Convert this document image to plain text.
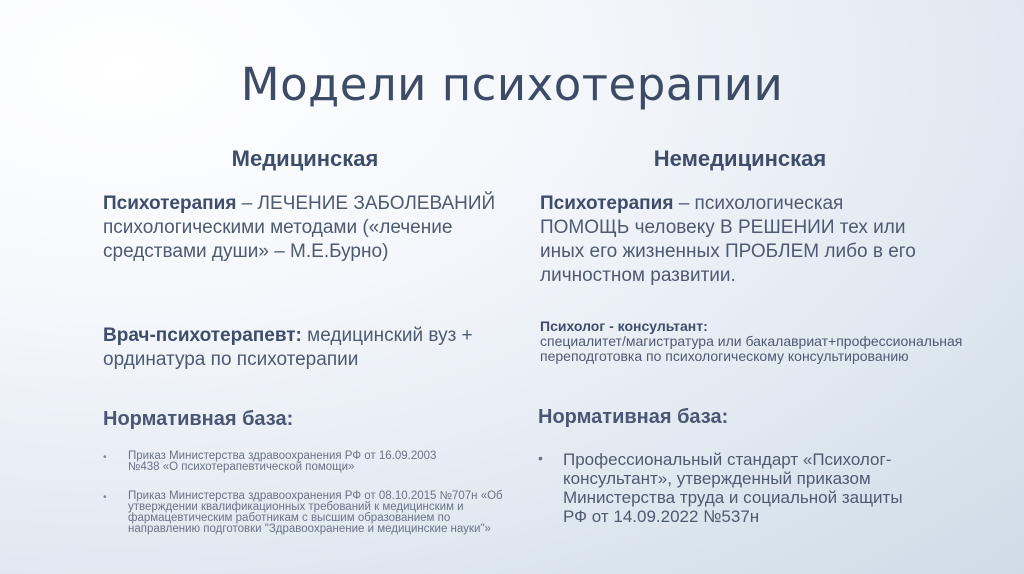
Модели психотерапии
Медицинская
Психотерапия – ЛЕЧЕНИЕ ЗАБОЛЕВАНИЙ психологическими методами («лечение средствами души» – М.Е.Бурно)
Врач-психотерапевт: медицинский вуз + ординатура по психотерапии
Нормативная база:
• Приказ Министерства здравоохранения РФ от 16.09.2003 №438 «О психотерапевтической помощи»
• Приказ Министерства здравоохранения РФ от 08.10.2015 №707н «Об утверждении квалификационных требований к медицинским и фармацевтическим работникам с высшим образованием по направлению подготовки "Здравоохранение и медицинские науки"»
Немедицинская
Психотерапия – психологическая ПОМОЩЬ человеку В РЕШЕНИИ тех или иных его жизненных ПРОБЛЕМ либо в его личностном развитии.
Психолог - консультант:
специалитет/магистратура или бакалавриат+профессиональная переподготовка по психологическому консультированию
Нормативная база:
• Профессиональный стандарт «Психолог-консультант», утвержденный приказом Министерства труда и социальной защиты РФ от 14.09.2022 №537н
